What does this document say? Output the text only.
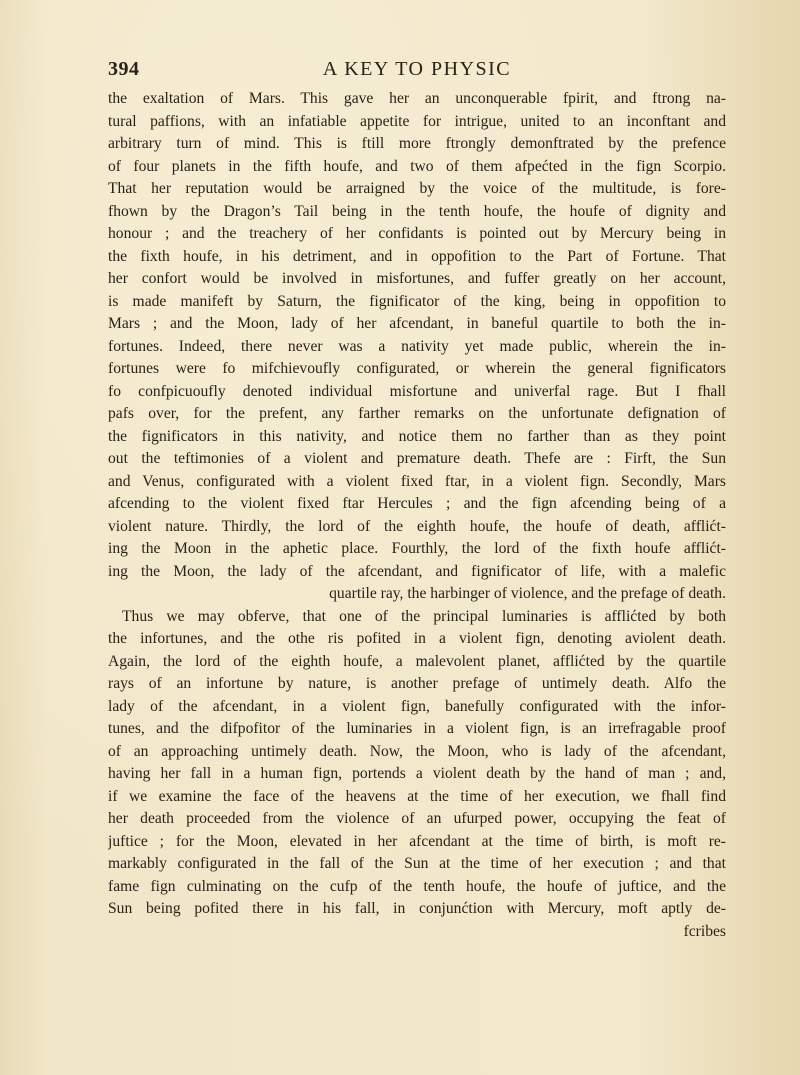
394	A KEY TO PHYSIC
the exaltation of Mars. This gave her an unconquerable fpirit, and ftrong na-
tural paffions, with an infatiable appetite for intrigue, united to an inconftant and
arbitrary turn of mind. This is ftill more ftrongly demonftrated by the prefence
of four planets in the fifth houfe, and two of them afpećted in the fign Scorpio.
That her reputation would be arraigned by the voice of the multitude, is fore-
fhown by the Dragon’s Tail being in the tenth houfe, the houfe of dignity and
honour ; and the treachery of her confidants is pointed out by Mercury being in
the fixth houfe, in his detriment, and in oppofition to the Part of Fortune. That
her confort would be involved in misfortunes, and fuffer greatly on her account,
is made manifeft by Saturn, the fignificator of the king, being in oppofition to
Mars ; and the Moon, lady of her afcendant, in baneful quartile to both the in-
fortunes. Indeed, there never was a nativity yet made public, wherein the in-
fortunes were fo mifchievoufly configurated, or wherein the general fignificators
fo confpicuoufly denoted individual misfortune and univerfal rage. But I fhall
pafs over, for the prefent, any farther remarks on the unfortunate defignation of
the fignificators in this nativity, and notice them no farther than as they point
out the teftimonies of a violent and premature death. Thefe are : Firft, the Sun
and Venus, configurated with a violent fixed ftar, in a violent fign. Secondly, Mars
afcending to the violent fixed ftar Hercules ; and the fign afcending being of a
violent nature. Thirdly, the lord of the eighth houfe, the houfe of death, afflićt-
ing the Moon in the aphetic place. Fourthly, the lord of the fixth houfe afflićt-
ing the Moon, the lady of the afcendant, and fignificator of life, with a malefic
quartile ray, the harbinger of violence, and the prefage of death.
Thus we may obferve, that one of the principal luminaries is afflićted by both
the infortunes, and the othe ris pofited in a violent fign, denoting aviolent death.
Again, the lord of the eighth houfe, a malevolent planet, afflićted by the quartile
rays of an infortune by nature, is another prefage of untimely death. Alfo the
lady of the afcendant, in a violent fign, banefully configurated with the infor-
tunes, and the difpofitor of the luminaries in a violent fign, is an irrefragable proof
of an approaching untimely death. Now, the Moon, who is lady of the afcendant,
having her fall in a human fign, portends a violent death by the hand of man ; and,
if we examine the face of the heavens at the time of her execution, we fhall find
her death proceeded from the violence of an ufurped power, occupying the feat of
juftice ; for the Moon, elevated in her afcendant at the time of birth, is moft re-
markably configurated in the fall of the Sun at the time of her execution ; and that
fame fign culminating on the cufp of the tenth houfe, the houfe of juftice, and the
Sun being pofited there in his fall, in conjunćtion with Mercury, moft aptly de-
fcribes
